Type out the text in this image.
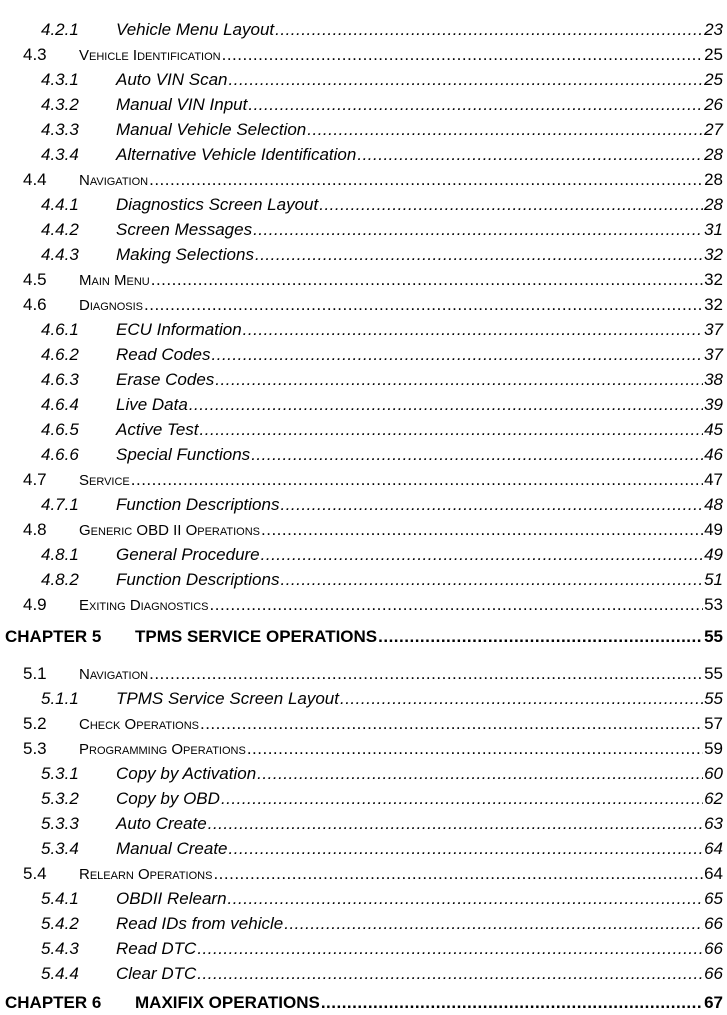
4.2.1 Vehicle Menu Layout .....	23
4.3 Vehicle Identification .....	25
4.3.1 Auto VIN Scan .....	25
4.3.2 Manual VIN Input .....	26
4.3.3 Manual Vehicle Selection .....	27
4.3.4 Alternative Vehicle Identification .....	28
4.4 Navigation .....	28
4.4.1 Diagnostics Screen Layout .....	28
4.4.2 Screen Messages .....	31
4.4.3 Making Selections .....	32
4.5 Main Menu .....	32
4.6 Diagnosis .....	32
4.6.1 ECU Information .....	37
4.6.2 Read Codes .....	37
4.6.3 Erase Codes .....	38
4.6.4 Live Data .....	39
4.6.5 Active Test .....	45
4.6.6 Special Functions .....	46
4.7 Service .....	47
4.7.1 Function Descriptions .....	48
4.8 Generic OBD II Operations .....	49
4.8.1 General Procedure .....	49
4.8.2 Function Descriptions .....	51
4.9 Exiting Diagnostics .....	53
CHAPTER 5 TPMS SERVICE OPERATIONS .....	55
5.1 Navigation .....	55
5.1.1 TPMS Service Screen Layout .....	55
5.2 Check Operations .....	57
5.3 Programming Operations .....	59
5.3.1 Copy by Activation .....	60
5.3.2 Copy by OBD .....	62
5.3.3 Auto Create .....	63
5.3.4 Manual Create .....	64
5.4 Relearn Operations .....	64
5.4.1 OBDII Relearn .....	65
5.4.2 Read IDs from vehicle .....	66
5.4.3 Read DTC .....	66
5.4.4 Clear DTC .....	66
CHAPTER 6 MAXIFIX OPERATIONS .....	67
